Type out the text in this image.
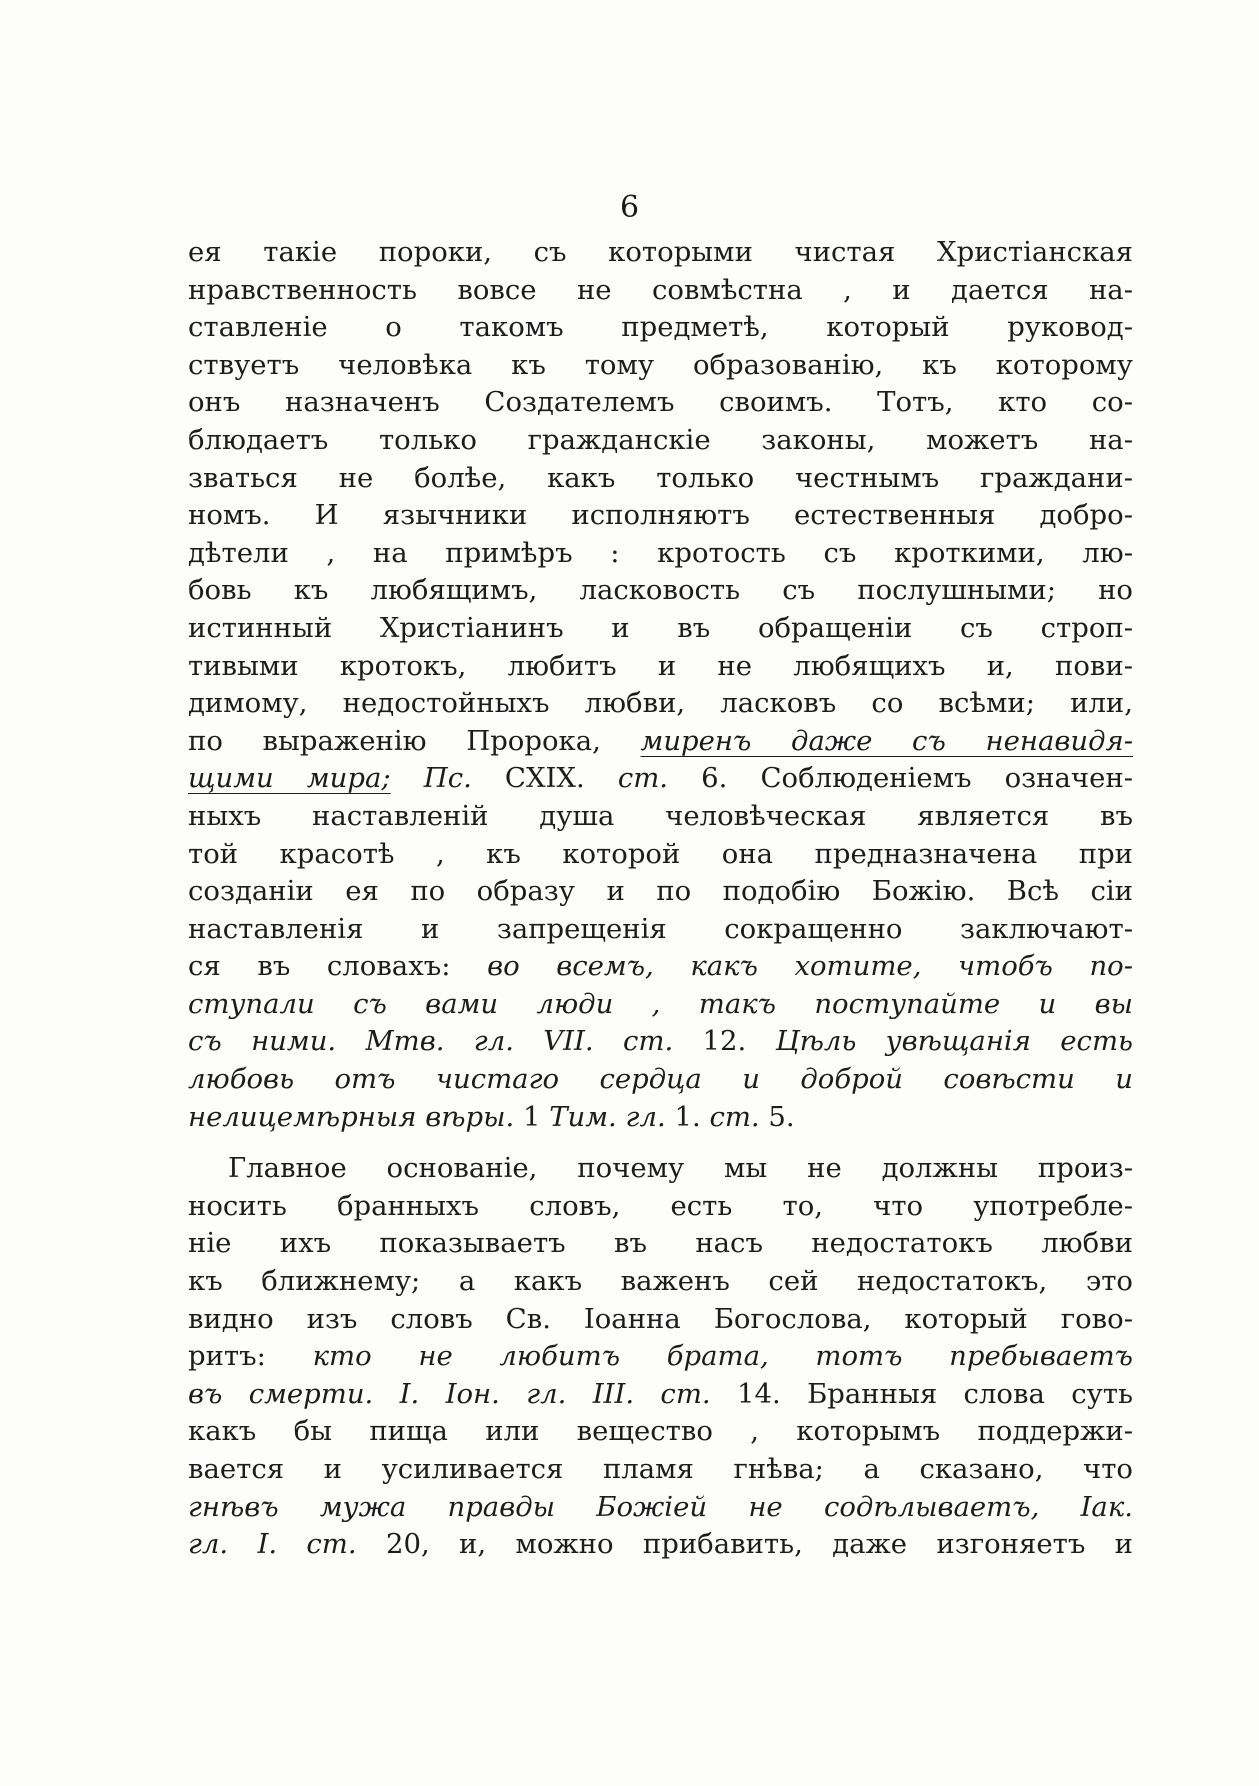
6
ея такіе пороки, съ которыми чистая Христіанская
нравственность вовсе не совмѣстна , и дается на-
ставленіе о такомъ предметѣ, который руковод-
ствуетъ человѣка къ тому образованію, къ которому
онъ назначенъ Создателемъ своимъ. Тотъ, кто со-
блюдаетъ только гражданскіе законы, можетъ на-
зваться не болѣе, какъ только честнымъ граждани-
номъ. И язычники исполняютъ естественныя добро-
дѣтели , на примѣръ : кротость съ кроткими, лю-
бовь къ любящимъ, ласковость съ послушными; но
истинный Христіанинъ и въ обращеніи съ строп-
тивыми кротокъ, любитъ и не любящихъ и, пови-
димому, недостойныхъ любви, ласковъ со всѣми; или,
по выраженію Пророка, миренъ даже съ ненавидя-
щими мира; Пс. CXIX. ст. 6. Соблюденіемъ означен-
ныхъ наставленій душа человѣческая является въ
той красотѣ , къ которой она предназначена при
созданіи ея по образу и по подобію Божію. Всѣ сіи
наставленія и запрещенія сокращенно заключают-
ся въ словахъ: во всемъ, какъ хотите, чтобъ по-
ступали съ вами люди , такъ поступайте и вы
съ ними. Мтв. гл. VII. ст. 12. Цѣль увѣщанія есть
любовь отъ чистаго сердца и доброй совѣсти и
нелицемѣрныя вѣры. 1 Тим. гл. 1. ст. 5.
Главное основаніе, почему мы не должны произ-
носить бранныхъ словъ, есть то, что употребле-
ніе ихъ показываетъ въ насъ недостатокъ любви
къ ближнему; а какъ важенъ сей недостатокъ, это
видно изъ словъ Св. Іоанна Богослова, который гово-
ритъ: кто не любитъ брата, тотъ пребываетъ
въ смерти. I. Іон. гл. III. ст. 14. Бранныя слова суть
какъ бы пища или вещество , которымъ поддержи-
вается и усиливается пламя гнѣва; а сказано, что
гнѣвъ мужа правды Божіей не содѣлываетъ, Іак.
гл. I. ст. 20, и, можно прибавить, даже изгоняетъ и
